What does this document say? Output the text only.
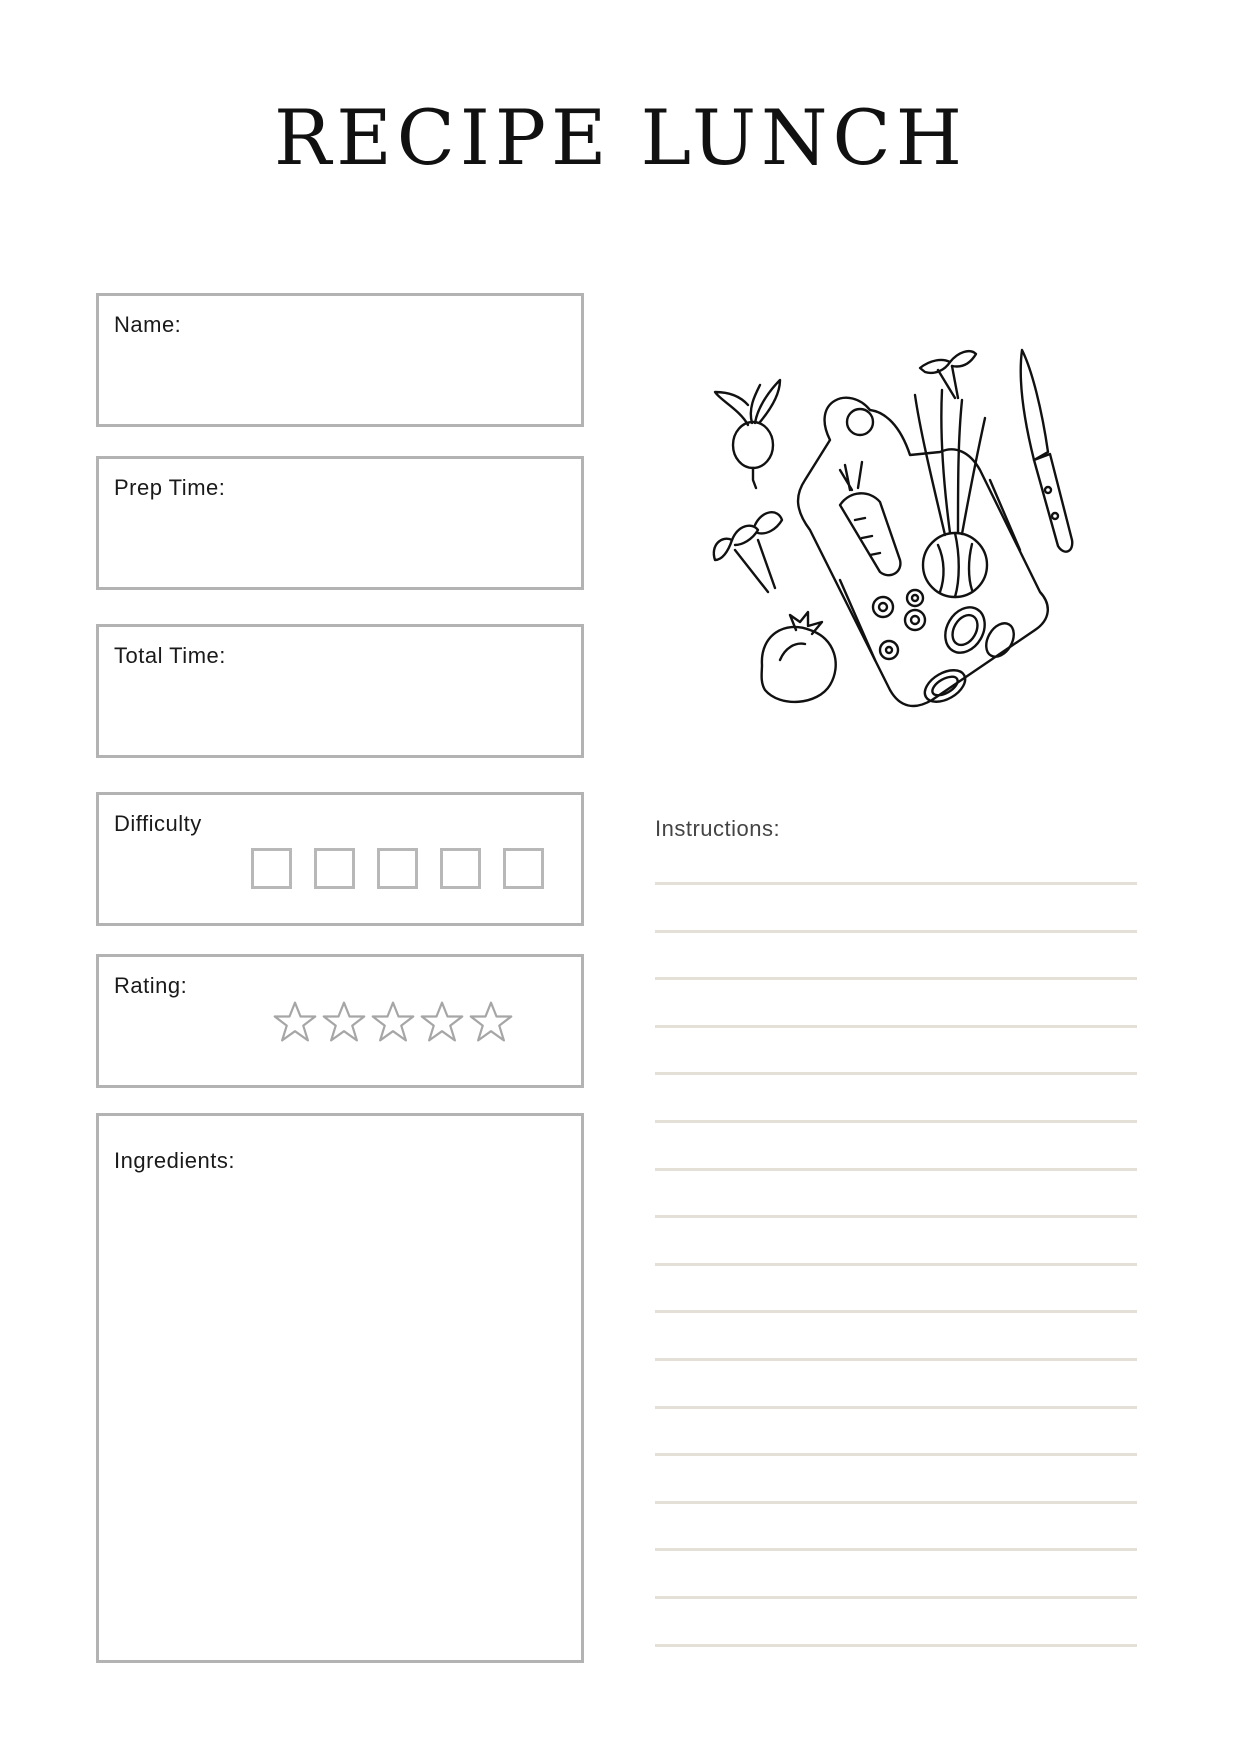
RECIPE LUNCH
Name:
Prep Time:
Total Time:
Difficulty
Rating:
Ingredients:
Instructions:
